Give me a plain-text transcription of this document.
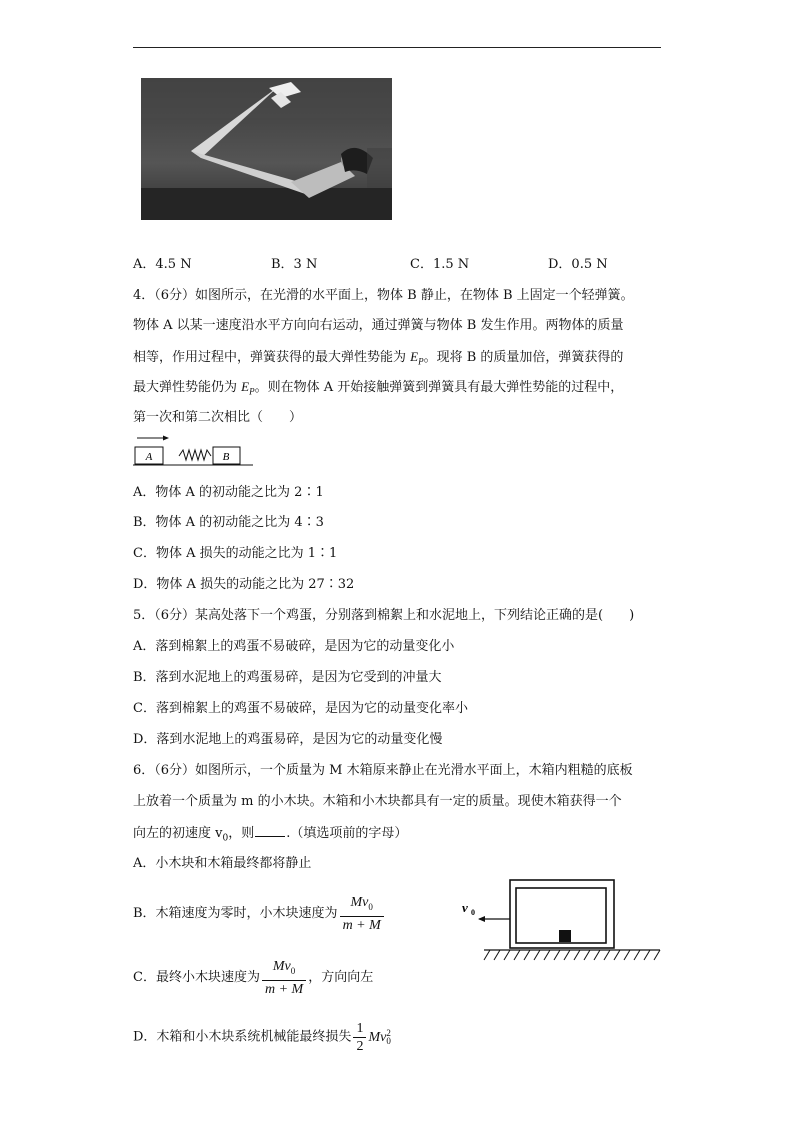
A．4.5 N	B．3 N	C．1.5 N	D．0.5 N
4．（6分）如图所示，在光滑的水平面上，物体 B 静止，在物体 B 上固定一个轻弹簧。
物体 A 以某一速度沿水平方向向右运动，通过弹簧与物体 B 发生作用。两物体的质量
相等，作用过程中，弹簧获得的最大弹性势能为 $E_P$。现将 B 的质量加倍，弹簧获得的
最大弹性势能仍为 $E_P$。则在物体 A 开始接触弹簧到弹簧具有最大弹性势能的过程中，
第一次和第二次相比（　　）
A	B
A．物体 A 的初动能之比为 2∶1
B．物体 A 的初动能之比为 4∶3
C．物体 A 损失的动能之比为 1∶1
D．物体 A 损失的动能之比为 27∶32
5．（6分）某高处落下一个鸡蛋，分别落到棉絮上和水泥地上，下列结论正确的是(　　)
A．落到棉絮上的鸡蛋不易破碎，是因为它的动量变化小
B．落到水泥地上的鸡蛋易碎，是因为它受到的冲量大
C．落到棉絮上的鸡蛋不易破碎，是因为它的动量变化率小
D．落到水泥地上的鸡蛋易碎，是因为它的动量变化慢
6．（6分）如图所示，一个质量为 M 木箱原来静止在光滑水平面上，木箱内粗糙的底板
上放着一个质量为 m 的小木块。木箱和小木块都具有一定的质量。现使木箱获得一个
向左的初速度 $v_0$，则 .（填选项前的字母）
A．小木块和木箱最终都将静止
B．木箱速度为零时，小木块速度为 $\frac{Mv_0}{m + M}$
C．最终小木块速度为 $\frac{Mv_0}{m + M}$ ，方向向左
D．木箱和小木块系统机械能最终损失 $\frac{1}{2}$ Mv 2
0
v 0
